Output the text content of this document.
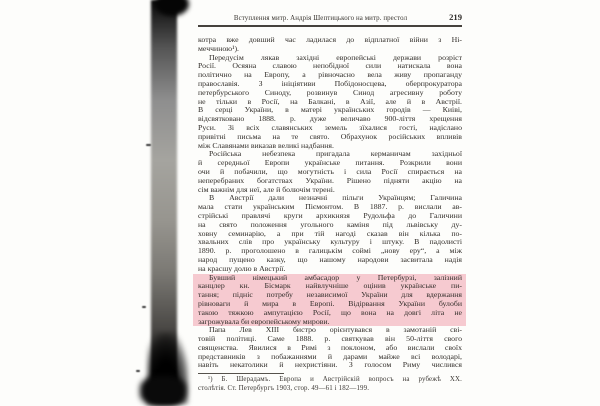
Вступлення митр. Андрія Шептицького на митр. престол	219
котра вже довший час ладилася до відплатної війни з Ні-
меччиною¹).
Передусім лякав західні европейські держави розріст
Росії. Осяяна славою непобідної сили натискала вона
політично на Европу, а рівночасно вела живу пропаганду
православія. З ініціятиви Побідоносцева, оберпрокуратора
петербурського Синоду, розвинув Синод агресивну роботу
не тільки в Росії, на Балкані, в Азії, але й в Австрії.
В серці України, в матері українських городів — Киіві,
відсвятковано 1888. р. дуже величаво 900-ліття хрещення
Руси. Зі всіх славянських земель зїхалися гості, надіслано
привітні письма на те свято. Обрахунок російських впливів
між Славянами виказав великі надбання.
Російська небезпека пригадала керманичам західньої
й середньої Европи українське питання. Розкрили вони
очи й побачили, що могутність і сила Росії спирається на
неперебраних богатствах України. Рішено підняти акцію на
сім важнім для неї, але й болючім терені.
В Австрії дали незначні пільги Українцям; Галичина
мала стати українським Піємонтом. В 1887. р. вислали ав-
стрійські правлячі круги архикнязя Рудольфа до Галичини
на свято положення угольного каміня під львівську ду-
ховну семинарію, а при тій нагоді сказав він кілька по-
хвальних слів про українську культуру і штуку. В падолисті
1890. р. проголошено в галицькім соймі „нову еру“, а між
народ пущено казку, що нашому народови засвитала надія
на красшу долю в Австрії.
Бувший німецький амбасадор у Петербурзі, залізний
канцлер кн. Бісмарк найвлучніше оцінив українське пи-
тання; підніс потребу независимої України для вдержання
рівноваги й мира в Европі. Відірвання України булоби
такою тяжкою ампутацією Росії, що вона на довгі літа не
загрожувала би европейському мирови.
Папа Лев XIII бистро орієнтувався в замотаній сві-
товій політиці. Саме 1888. р. святкував він 50-ліття свого
священства. Явилися в Римі з поклоном, або вислали своїх
представників з побажаннями й дарами майже всі володарі,
навіть некатолики й нехристіяни. З голосом Риму числився
¹) Б. Шерадамъ. Европа и Австрійскій вопросъ на рубежѣ XX.
столѣтія. Ст. Петербургъ 1903, стор. 49—61 і 182—199.
